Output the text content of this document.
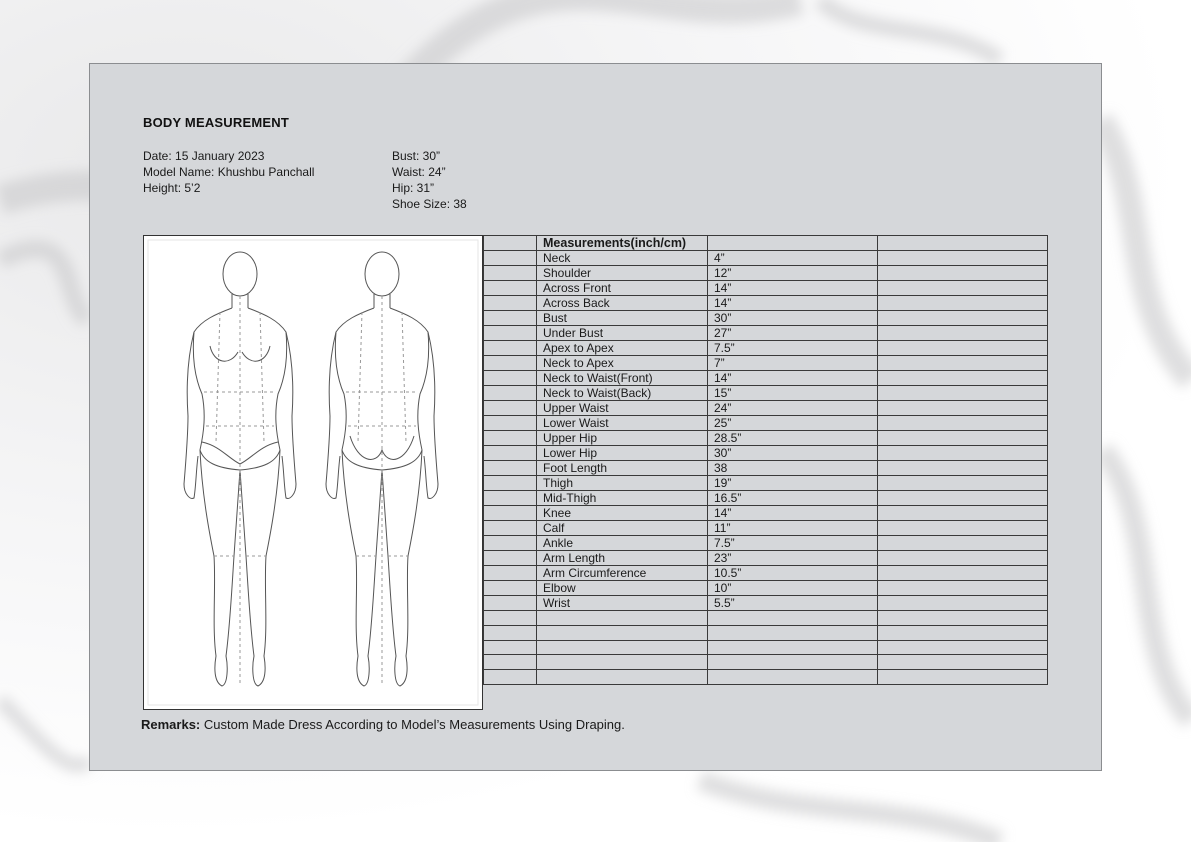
BODY MEASUREMENT
Date: 15 January 2023
Model Name: Khushbu Panchall
Height: 5’2
Bust: 30”
Waist: 24”
Hip: 31”
Shoe Size: 38
	Measurements(inch/cm)		
	Neck	4”	
	Shoulder	12”	
	Across Front	14”	
	Across Back	14”	
	Bust	30”	
	Under Bust	27”	
	Apex to Apex	7.5”	
	Neck to Apex	7”	
	Neck to Waist(Front)	14”	
	Neck to Waist(Back)	15”	
	Upper Waist	24”	
	Lower Waist	25”	
	Upper Hip	28.5”	
	Lower Hip	30”	
	Foot Length	38	
	Thigh	19”	
	Mid-Thigh	16.5”	
	Knee	14”	
	Calf	11”	
	Ankle	7.5”	
	Arm Length	23”	
	Arm Circumference	10.5”	
	Elbow	10”	
	Wrist	5.5”	

Remarks: Custom Made Dress According to Model’s Measurements Using Draping.
